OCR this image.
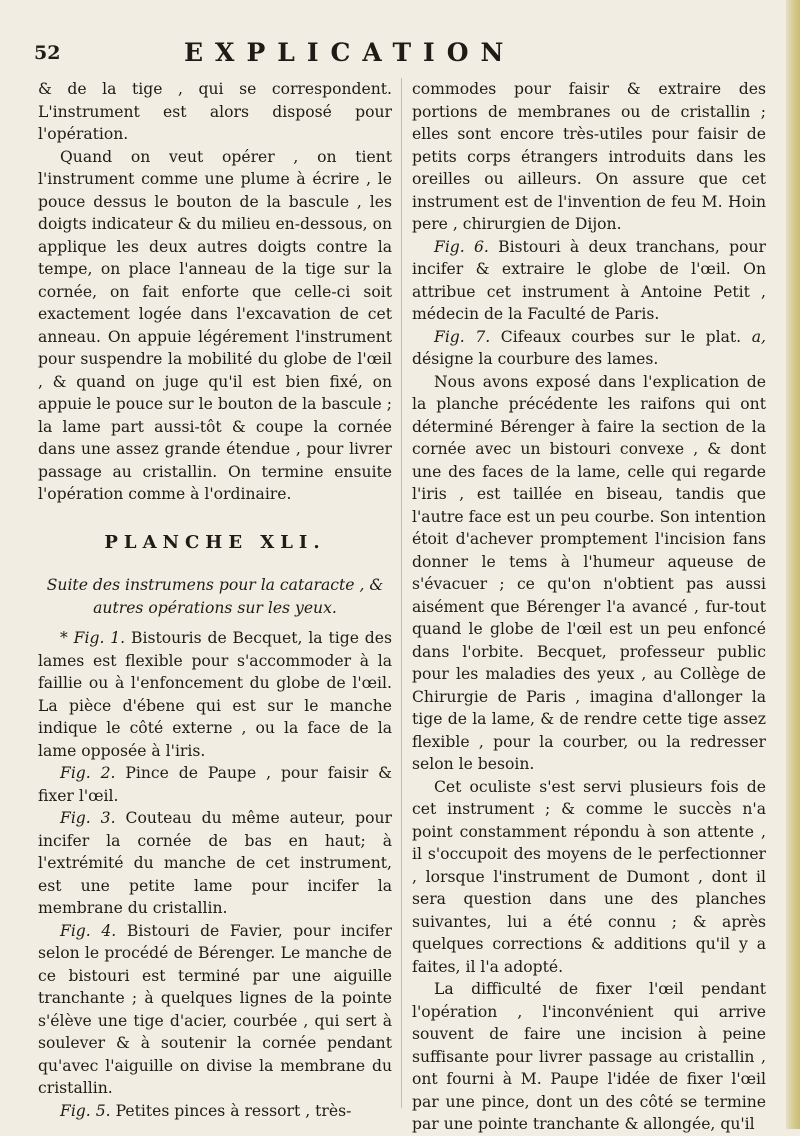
52	EXPLICATION

& de la tige , qui se correspondent. L'instrument est alors disposé pour l'opération.

Quand on veut opérer , on tient l'instrument comme une plume à écrire , le pouce dessus le bouton de la bascule , les doigts indicateur & du milieu en-dessous, on applique les deux autres doigts contre la tempe, on place l'anneau de la tige sur la cornée, on fait enforte que celle-ci soit exactement logée dans l'excavation de cet anneau. On appuie légérement l'instrument pour suspendre la mobilité du globe de l'œil , & quand on juge qu'il est bien fixé, on appuie le pouce sur le bouton de la bascule ; la lame part aussi-tôt & coupe la cornée dans une assez grande étendue , pour livrer passage au cristallin. On termine ensuite l'opération comme à l'ordinaire.

PLANCHE XLI.
Suite des instrumens pour la cataracte , & autres opérations sur les yeux.

* Fig. 1. Bistouris de Becquet, la tige des lames est flexible pour s'accommoder à la faillie ou à l'enfoncement du globe de l'œil. La pièce d'ébene qui est sur le manche indique le côté externe , ou la face de la lame opposée à l'iris.

Fig. 2. Pince de Paupe , pour faisir & fixer l'œil.

Fig. 3. Couteau du même auteur, pour incifer la cornée de bas en haut; à l'extrémité du manche de cet instrument, est une petite lame pour incifer la membrane du cristallin.

Fig. 4. Bistouri de Favier, pour incifer selon le procédé de Bérenger. Le manche de ce bistouri est terminé par une aiguille tranchante ; à quelques lignes de la pointe s'élève une tige d'acier, courbée , qui sert à soulever & à soutenir la cornée pendant qu'avec l'aiguille on divise la membrane du cristallin.

Fig. 5. Petites pinces à ressort , très-

commodes pour faisir & extraire des portions de membranes ou de cristallin ; elles sont encore très-utiles pour faisir de petits corps étrangers introduits dans les oreilles ou ailleurs. On assure que cet instrument est de l'invention de feu M. Hoin pere , chirurgien de Dijon.

Fig. 6. Bistouri à deux tranchans, pour incifer & extraire le globe de l'œil. On attribue cet instrument à Antoine Petit , médecin de la Faculté de Paris.

Fig. 7. Cifeaux courbes sur le plat. a, désigne la courbure des lames.

Nous avons exposé dans l'explication de la planche précédente les raifons qui ont déterminé Bérenger à faire la section de la cornée avec un bistouri convexe , & dont une des faces de la lame, celle qui regarde l'iris , est taillée en biseau, tandis que l'autre face est un peu courbe. Son intention étoit d'achever promptement l'incision fans donner le tems à l'humeur aqueuse de s'évacuer ; ce qu'on n'obtient pas aussi aisément que Bérenger l'a avancé , fur-tout quand le globe de l'œil est un peu enfoncé dans l'orbite. Becquet, professeur public pour les maladies des yeux , au Collège de Chirurgie de Paris , imagina d'allonger la tige de la lame, & de rendre cette tige assez flexible , pour la courber, ou la redresser selon le besoin.

Cet oculiste s'est servi plusieurs fois de cet instrument ; & comme le succès n'a point constamment répondu à son attente , il s'occupoit des moyens de le perfectionner , lorsque l'instrument de Dumont , dont il sera question dans une des planches suivantes, lui a été connu ; & après quelques corrections & additions qu'il y a faites, il l'a adopté.

La difficulté de fixer l'œil pendant l'opération , l'inconvénient qui arrive souvent de faire une incision à peine suffisante pour livrer passage au cristallin , ont fourni à M. Paupe l'idée de fixer l'œil par une pince, dont un des côté se termine par une pointe tranchante & allongée, qu'il
